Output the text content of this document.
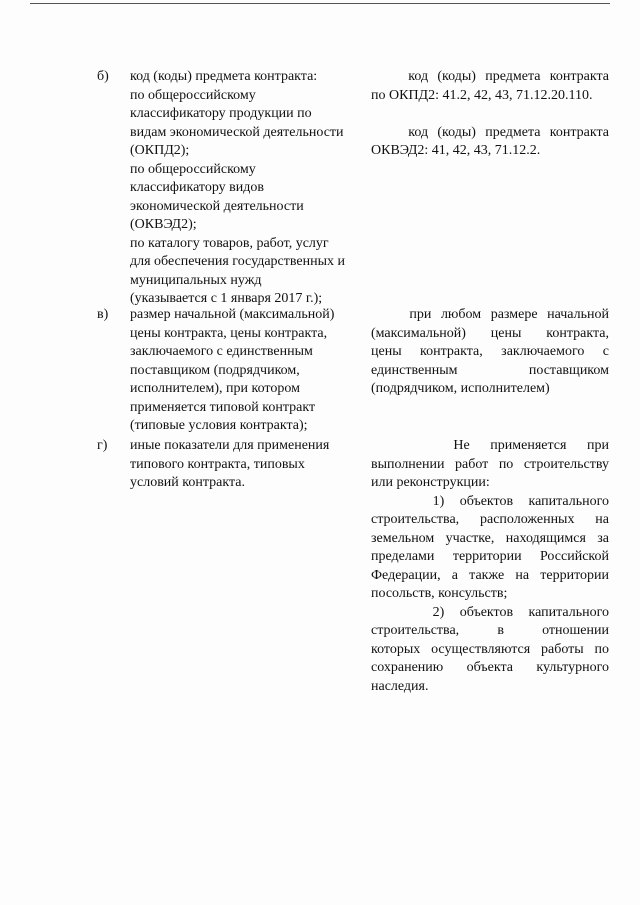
б) код (коды) предмета контракта:
по общероссийскому
классификатору продукции по
видам экономической деятельности
(ОКПД2);
по общероссийскому
классификатору видов
экономической деятельности
(ОКВЭД2);
по каталогу товаров, работ, услуг
для обеспечения государственных и
муниципальных нужд
(указывается с 1 января 2017 г.);
код (коды) предмета контракта
по ОКПД2: 41.2, 42, 43, 71.12.20.110.
код (коды) предмета контракта
ОКВЭД2: 41, 42, 43, 71.12.2.
в) размер начальной (максимальной)
цены контракта, цены контракта,
заключаемого с единственным
поставщиком (подрядчиком,
исполнителем), при котором
применяется типовой контракт
(типовые условия контракта);
при любом размере начальной
(максимальной) цены контракта,
цены контракта, заключаемого с
единственным поставщиком
(подрядчиком, исполнителем)
г) иные показатели для применения
типового контракта, типовых
условий контракта.
Не применяется при
выполнении работ по строительству
или реконструкции:
1) объектов капитального
строительства, расположенных на
земельном участке, находящимся за
пределами территории Российской
Федерации, а также на территории
посольств, консульств;
2) объектов капитального
строительства, в отношении
которых осуществляются работы по
сохранению объекта культурного
наследия.
